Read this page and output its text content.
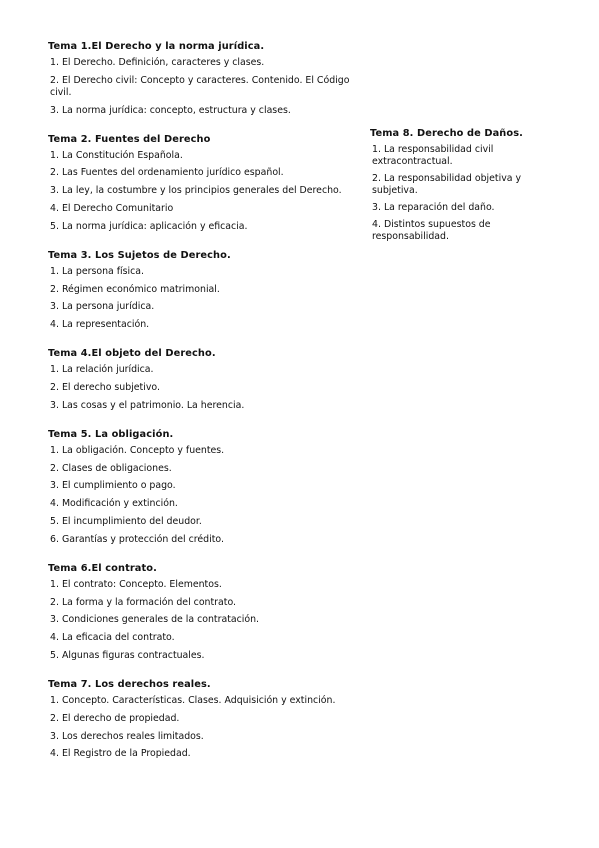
Tema 1.El Derecho y la norma jurídica.
1. El Derecho. Definición, caracteres y clases.
2. El Derecho civil: Concepto y caracteres. Contenido. El Código civil.
3. La norma jurídica: concepto, estructura y clases.
Tema 2. Fuentes del Derecho
1. La Constitución Española.
2. Las Fuentes del ordenamiento jurídico español.
3. La ley, la costumbre y los principios generales del Derecho.
4. El Derecho Comunitario
5. La norma jurídica: aplicación y eficacia.
Tema 3. Los Sujetos de Derecho.
1. La persona física.
2. Régimen económico matrimonial.
3. La persona jurídica.
4. La representación.
Tema 4.El objeto del Derecho.
1. La relación jurídica.
2. El derecho subjetivo.
3. Las cosas y el patrimonio. La herencia.
Tema 5. La obligación.
1. La obligación. Concepto y fuentes.
2. Clases de obligaciones.
3. El cumplimiento o pago.
4. Modificación y extinción.
5. El incumplimiento del deudor.
6. Garantías y protección del crédito.
Tema 6.El contrato.
1. El contrato: Concepto. Elementos.
2. La forma y la formación del contrato.
3. Condiciones generales de la contratación.
4. La eficacia del contrato.
5. Algunas figuras contractuales.
Tema 7. Los derechos reales.
1. Concepto. Características. Clases. Adquisición y extinción.
2. El derecho de propiedad.
3. Los derechos reales limitados.
4. El Registro de la Propiedad.
Tema 8. Derecho de Daños.
1. La responsabilidad civil extracontractual.
2. La responsabilidad objetiva y subjetiva.
3. La reparación del daño.
4. Distintos supuestos de responsabilidad.
